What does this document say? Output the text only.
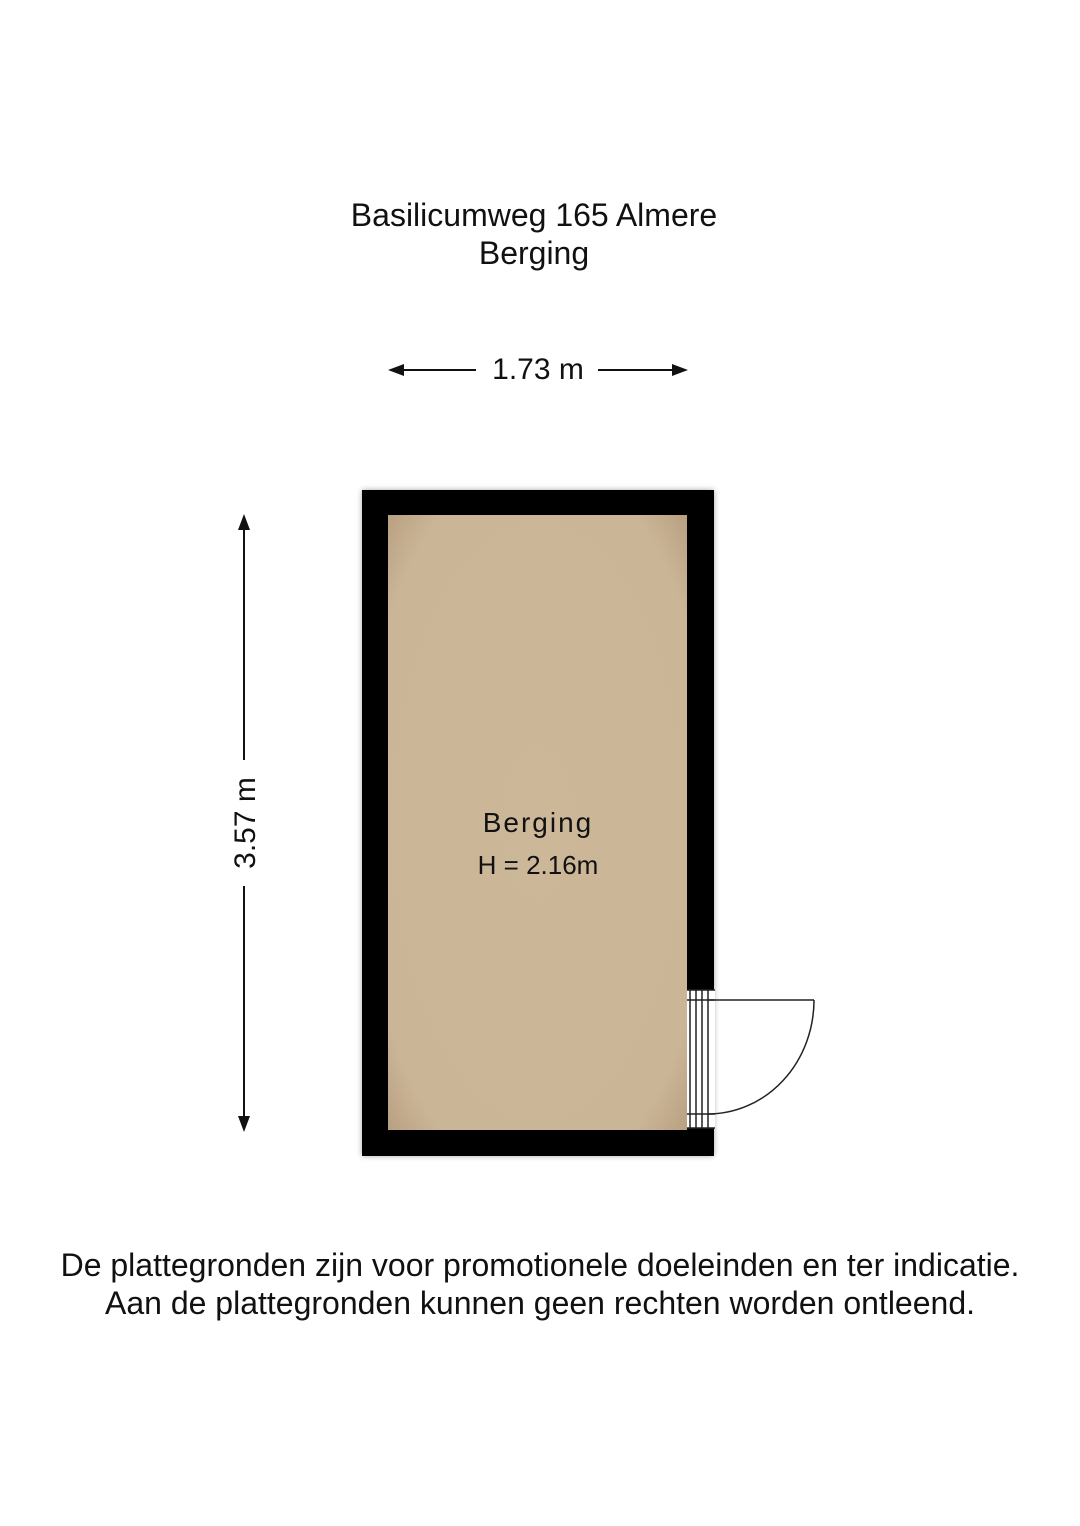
Basilicumweg 165 Almere
Berging
1.73 m
3.57 m	Berging
H = 2.16m
De plattegronden zijn voor promotionele doeleinden en ter indicatie.
Aan de plattegronden kunnen geen rechten worden ontleend.
